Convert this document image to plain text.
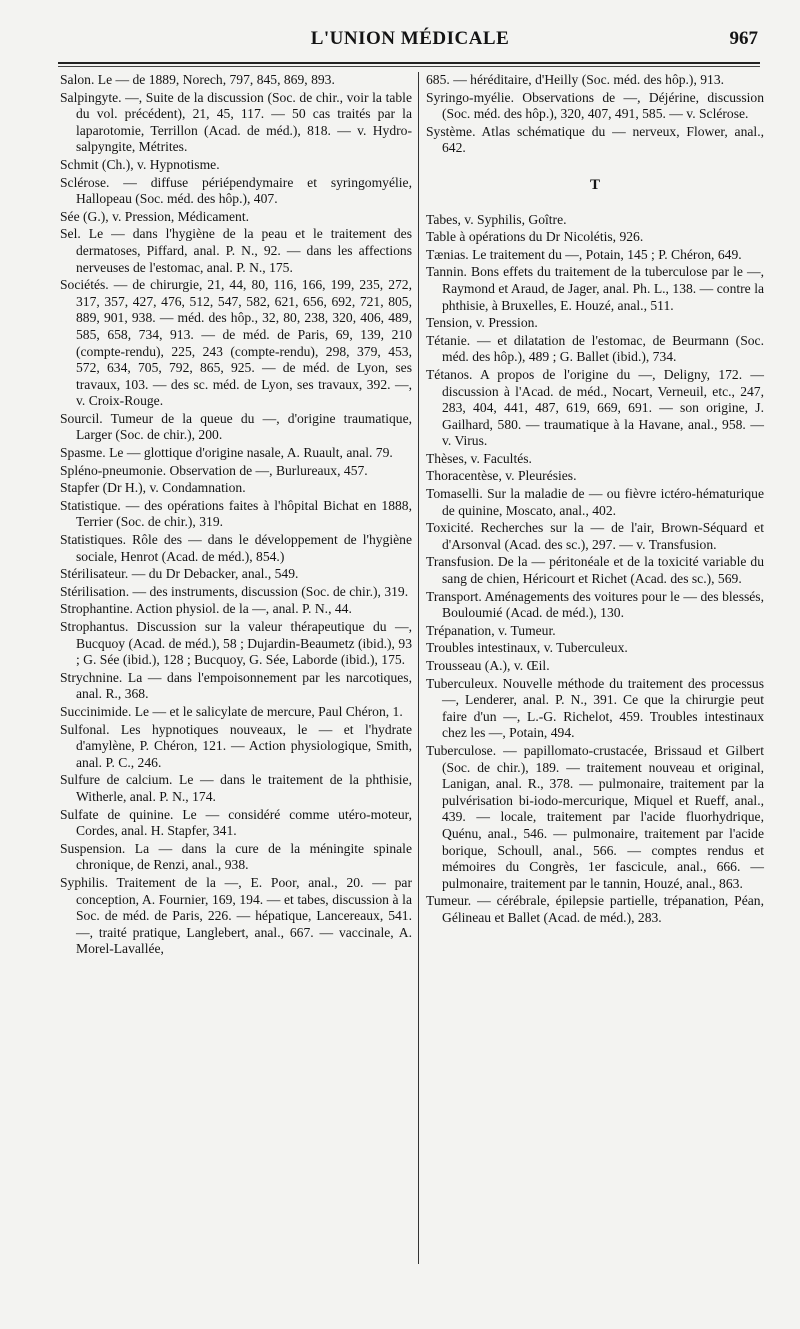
L'UNION MÉDICALE	967

Salon. Le — de 1889, Norech, 797, 845, 869, 893.

Salpingyte. —, Suite de la discussion (Soc. de chir., voir la table du vol. précédent), 21, 45, 117. — 50 cas traités par la laparotomie, Terrillon (Acad. de méd.), 818. — v. Hydro-salpyngite, Métrites.

Schmit (Ch.), v. Hypnotisme.

Sclérose. — diffuse périépendymaire et syringomyélie, Hallopeau (Soc. méd. des hôp.), 407.

Sée (G.), v. Pression, Médicament.

Sel. Le — dans l'hygiène de la peau et le traitement des dermatoses, Piffard, anal. P. N., 92. — dans les affections nerveuses de l'estomac, anal. P. N., 175.

Sociétés. — de chirurgie, 21, 44, 80, 116, 166, 199, 235, 272, 317, 357, 427, 476, 512, 547, 582, 621, 656, 692, 721, 805, 889, 901, 938. — méd. des hôp., 32, 80, 238, 320, 406, 489, 585, 658, 734, 913. — de méd. de Paris, 69, 139, 210 (compte-rendu), 225, 243 (compte-rendu), 298, 379, 453, 572, 634, 705, 792, 865, 925. — de méd. de Lyon, ses travaux, 103. — des sc. méd. de Lyon, ses travaux, 392. —, v. Croix-Rouge.

Sourcil. Tumeur de la queue du —, d'origine traumatique, Larger (Soc. de chir.), 200.

Spasme. Le — glottique d'origine nasale, A. Ruault, anal. 79.

Spléno-pneumonie. Observation de —, Burlureaux, 457.

Stapfer (Dr H.), v. Condamnation.

Statistique. — des opérations faites à l'hôpital Bichat en 1888, Terrier (Soc. de chir.), 319.

Statistiques. Rôle des — dans le développement de l'hygiène sociale, Henrot (Acad. de méd.), 854.)

Stérilisateur. — du Dr Debacker, anal., 549.

Stérilisation. — des instruments, discussion (Soc. de chir.), 319.

Strophantine. Action physiol. de la —, anal. P. N., 44.

Strophantus. Discussion sur la valeur thérapeutique du —, Bucquoy (Acad. de méd.), 58 ; Dujardin-Beaumetz (ibid.), 93 ; G. Sée (ibid.), 128 ; Bucquoy, G. Sée, Laborde (ibid.), 175.

Strychnine. La — dans l'empoisonnement par les narcotiques, anal. R., 368.

Succinimide. Le — et le salicylate de mercure, Paul Chéron, 1.

Sulfonal. Les hypnotiques nouveaux, le — et l'hydrate d'amylène, P. Chéron, 121. — Action physiologique, Smith, anal. P. C., 246.

Sulfure de calcium. Le — dans le traitement de la phthisie, Witherle, anal. P. N., 174.

Sulfate de quinine. Le — considéré comme utéro-moteur, Cordes, anal. H. Stapfer, 341.

Suspension. La — dans la cure de la méningite spinale chronique, de Renzi, anal., 938.

Syphilis. Traitement de la —, E. Poor, anal., 20. — par conception, A. Fournier, 169, 194. — et tabes, discussion à la Soc. de méd. de Paris, 226. — hépatique, Lancereaux, 541. —, traité pratique, Langlebert, anal., 667. — vaccinale, A. Morel-Lavallée,

685. — héréditaire, d'Heilly (Soc. méd. des hôp.), 913.

Syringo-myélie. Observations de —, Déjérine, discussion (Soc. méd. des hôp.), 320, 407, 491, 585. — v. Sclérose.

Système. Atlas schématique du — nerveux, Flower, anal., 642.

T

Tabes, v. Syphilis, Goître.

Table à opérations du Dr Nicolétis, 926.

Tænias. Le traitement du —, Potain, 145 ; P. Chéron, 649.

Tannin. Bons effets du traitement de la tuberculose par le —, Raymond et Araud, de Jager, anal. Ph. L., 138. — contre la phthisie, à Bruxelles, E. Houzé, anal., 511.

Tension, v. Pression.

Tétanie. — et dilatation de l'estomac, de Beurmann (Soc. méd. des hôp.), 489 ; G. Ballet (ibid.), 734.

Tétanos. A propos de l'origine du —, Deligny, 172. — discussion à l'Acad. de méd., Nocart, Verneuil, etc., 247, 283, 404, 441, 487, 619, 669, 691. — son origine, J. Gailhard, 580. — traumatique à la Havane, anal., 958. — v. Virus.

Thèses, v. Facultés.

Thoracentèse, v. Pleurésies.

Tomaselli. Sur la maladie de — ou fièvre ictéro-hématurique de quinine, Moscato, anal., 402.

Toxicité. Recherches sur la — de l'air, Brown-Séquard et d'Arsonval (Acad. des sc.), 297. — v. Transfusion.

Transfusion. De la — péritonéale et de la toxicité variable du sang de chien, Héricourt et Richet (Acad. des sc.), 569.

Transport. Aménagements des voitures pour le — des blessés, Bouloumié (Acad. de méd.), 130.

Trépanation, v. Tumeur.

Troubles intestinaux, v. Tuberculeux.

Trousseau (A.), v. Œil.

Tuberculeux. Nouvelle méthode du traitement des processus —, Lenderer, anal. P. N., 391. Ce que la chirurgie peut faire d'un —, L.-G. Richelot, 459. Troubles intestinaux chez les —, Potain, 494.

Tuberculose. — papillomato-crustacée, Brissaud et Gilbert (Soc. de chir.), 189. — traitement nouveau et original, Lanigan, anal. R., 378. — pulmonaire, traitement par la pulvérisation bi-iodo-mercurique, Miquel et Rueff, anal., 439. — locale, traitement par l'acide fluorhydrique, Quénu, anal., 546. — pulmonaire, traitement par l'acide borique, Schoull, anal., 566. — comptes rendus et mémoires du Congrès, 1er fascicule, anal., 666. — pulmonaire, traitement par le tannin, Houzé, anal., 863.

Tumeur. — cérébrale, épilepsie partielle, trépanation, Péan, Gélineau et Ballet (Acad. de méd.), 283.
